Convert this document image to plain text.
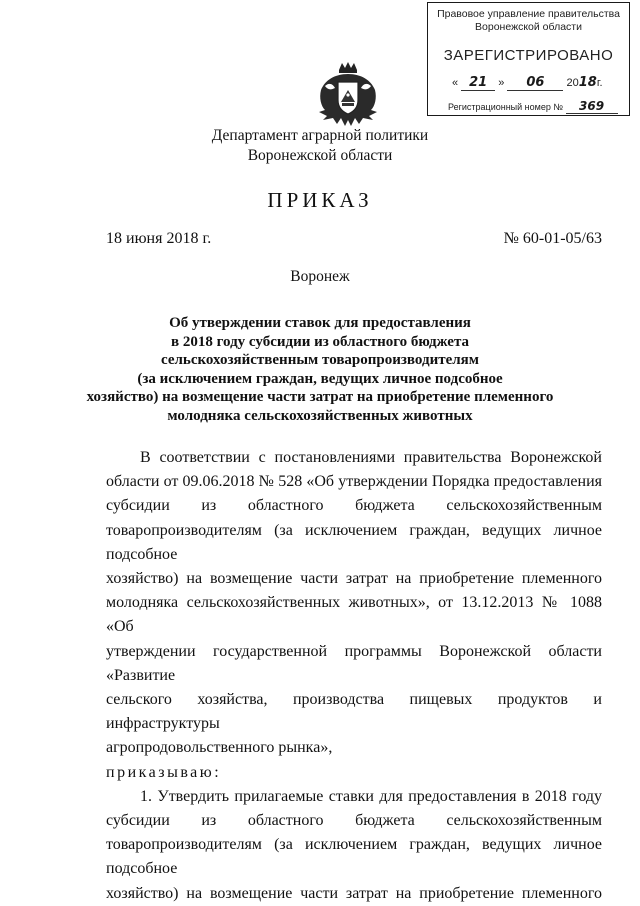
Правовое управление правительства
Воронежской области
ЗАРЕГИСТРИРОВАНО
« 21 » 06 2018г.
Регистрационный номер № 369
Департамент аграрной политики
Воронежской области
ПРИКАЗ
18 июня 2018 г.	№ 60-01-05/63
Воронеж
Об утверждении ставок для предоставления
в 2018 году субсидии из областного бюджета
сельскохозяйственным товаропроизводителям
(за исключением граждан, ведущих личное подсобное
хозяйство) на возмещение части затрат на приобретение племенного
молодняка сельскохозяйственных животных

В соответствии с постановлениями правительства Воронежской

области от 09.06.2018 № 528 «Об утверждении Порядка предоставления

субсидии из областного бюджета сельскохозяйственным

товаропроизводителям (за исключением граждан, ведущих личное подсобное

хозяйство) на возмещение части затрат на приобретение племенного

молодняка сельскохозяйственных животных», от 13.12.2013 № 1088 «Об

утверждении государственной программы Воронежской области «Развитие

сельского хозяйства, производства пищевых продуктов и инфраструктуры

агропродовольственного рынка»,

приказываю:

1. Утвердить прилагаемые ставки для предоставления в 2018 году

субсидии из областного бюджета сельскохозяйственным

товаропроизводителям (за исключением граждан, ведущих личное подсобное

хозяйство) на возмещение части затрат на приобретение племенного
